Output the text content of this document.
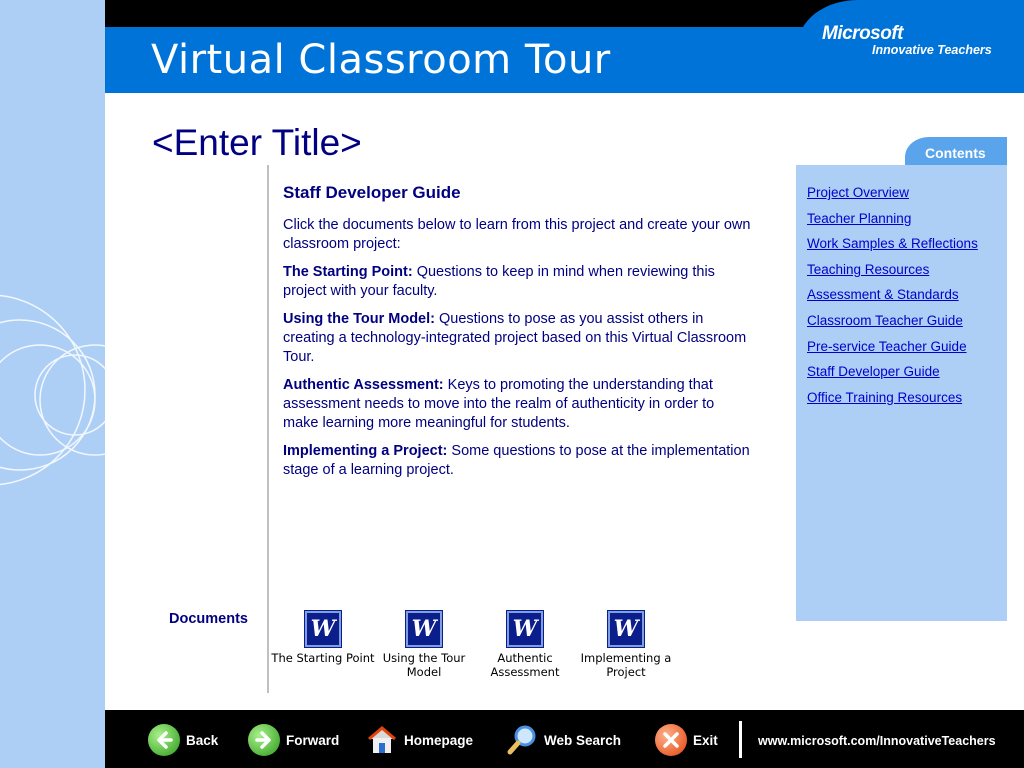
Virtual Classroom Tour
Microsoft
Innovative Teachers
<Enter Title>
Staff Developer Guide

Click the documents below to learn from this project and create your own classroom project:

The Starting Point: Questions to keep in mind when reviewing this project with your faculty.

Using the Tour Model: Questions to pose as you assist others in creating a technology-integrated project based on this Virtual Classroom Tour.

Authentic Assessment: Keys to promoting the understanding that assessment needs to move into the realm of authenticity in order to make learning more meaningful for students.

Implementing a Project: Some questions to pose at the implementation stage of a learning project.

Contents
Project Overview
Teacher Planning
Work Samples & Reflections
Teaching Resources
Assessment & Standards
Classroom Teacher Guide
Pre-service Teacher Guide
Staff Developer Guide
Office Training Resources
Documents	W
The Starting Point
W
Using the Tour Model
W
Authentic Assessment
W
Implementing a Project
Back	Forward	Homepage	Web Search	Exit	www.microsoft.com/InnovativeTeachers
